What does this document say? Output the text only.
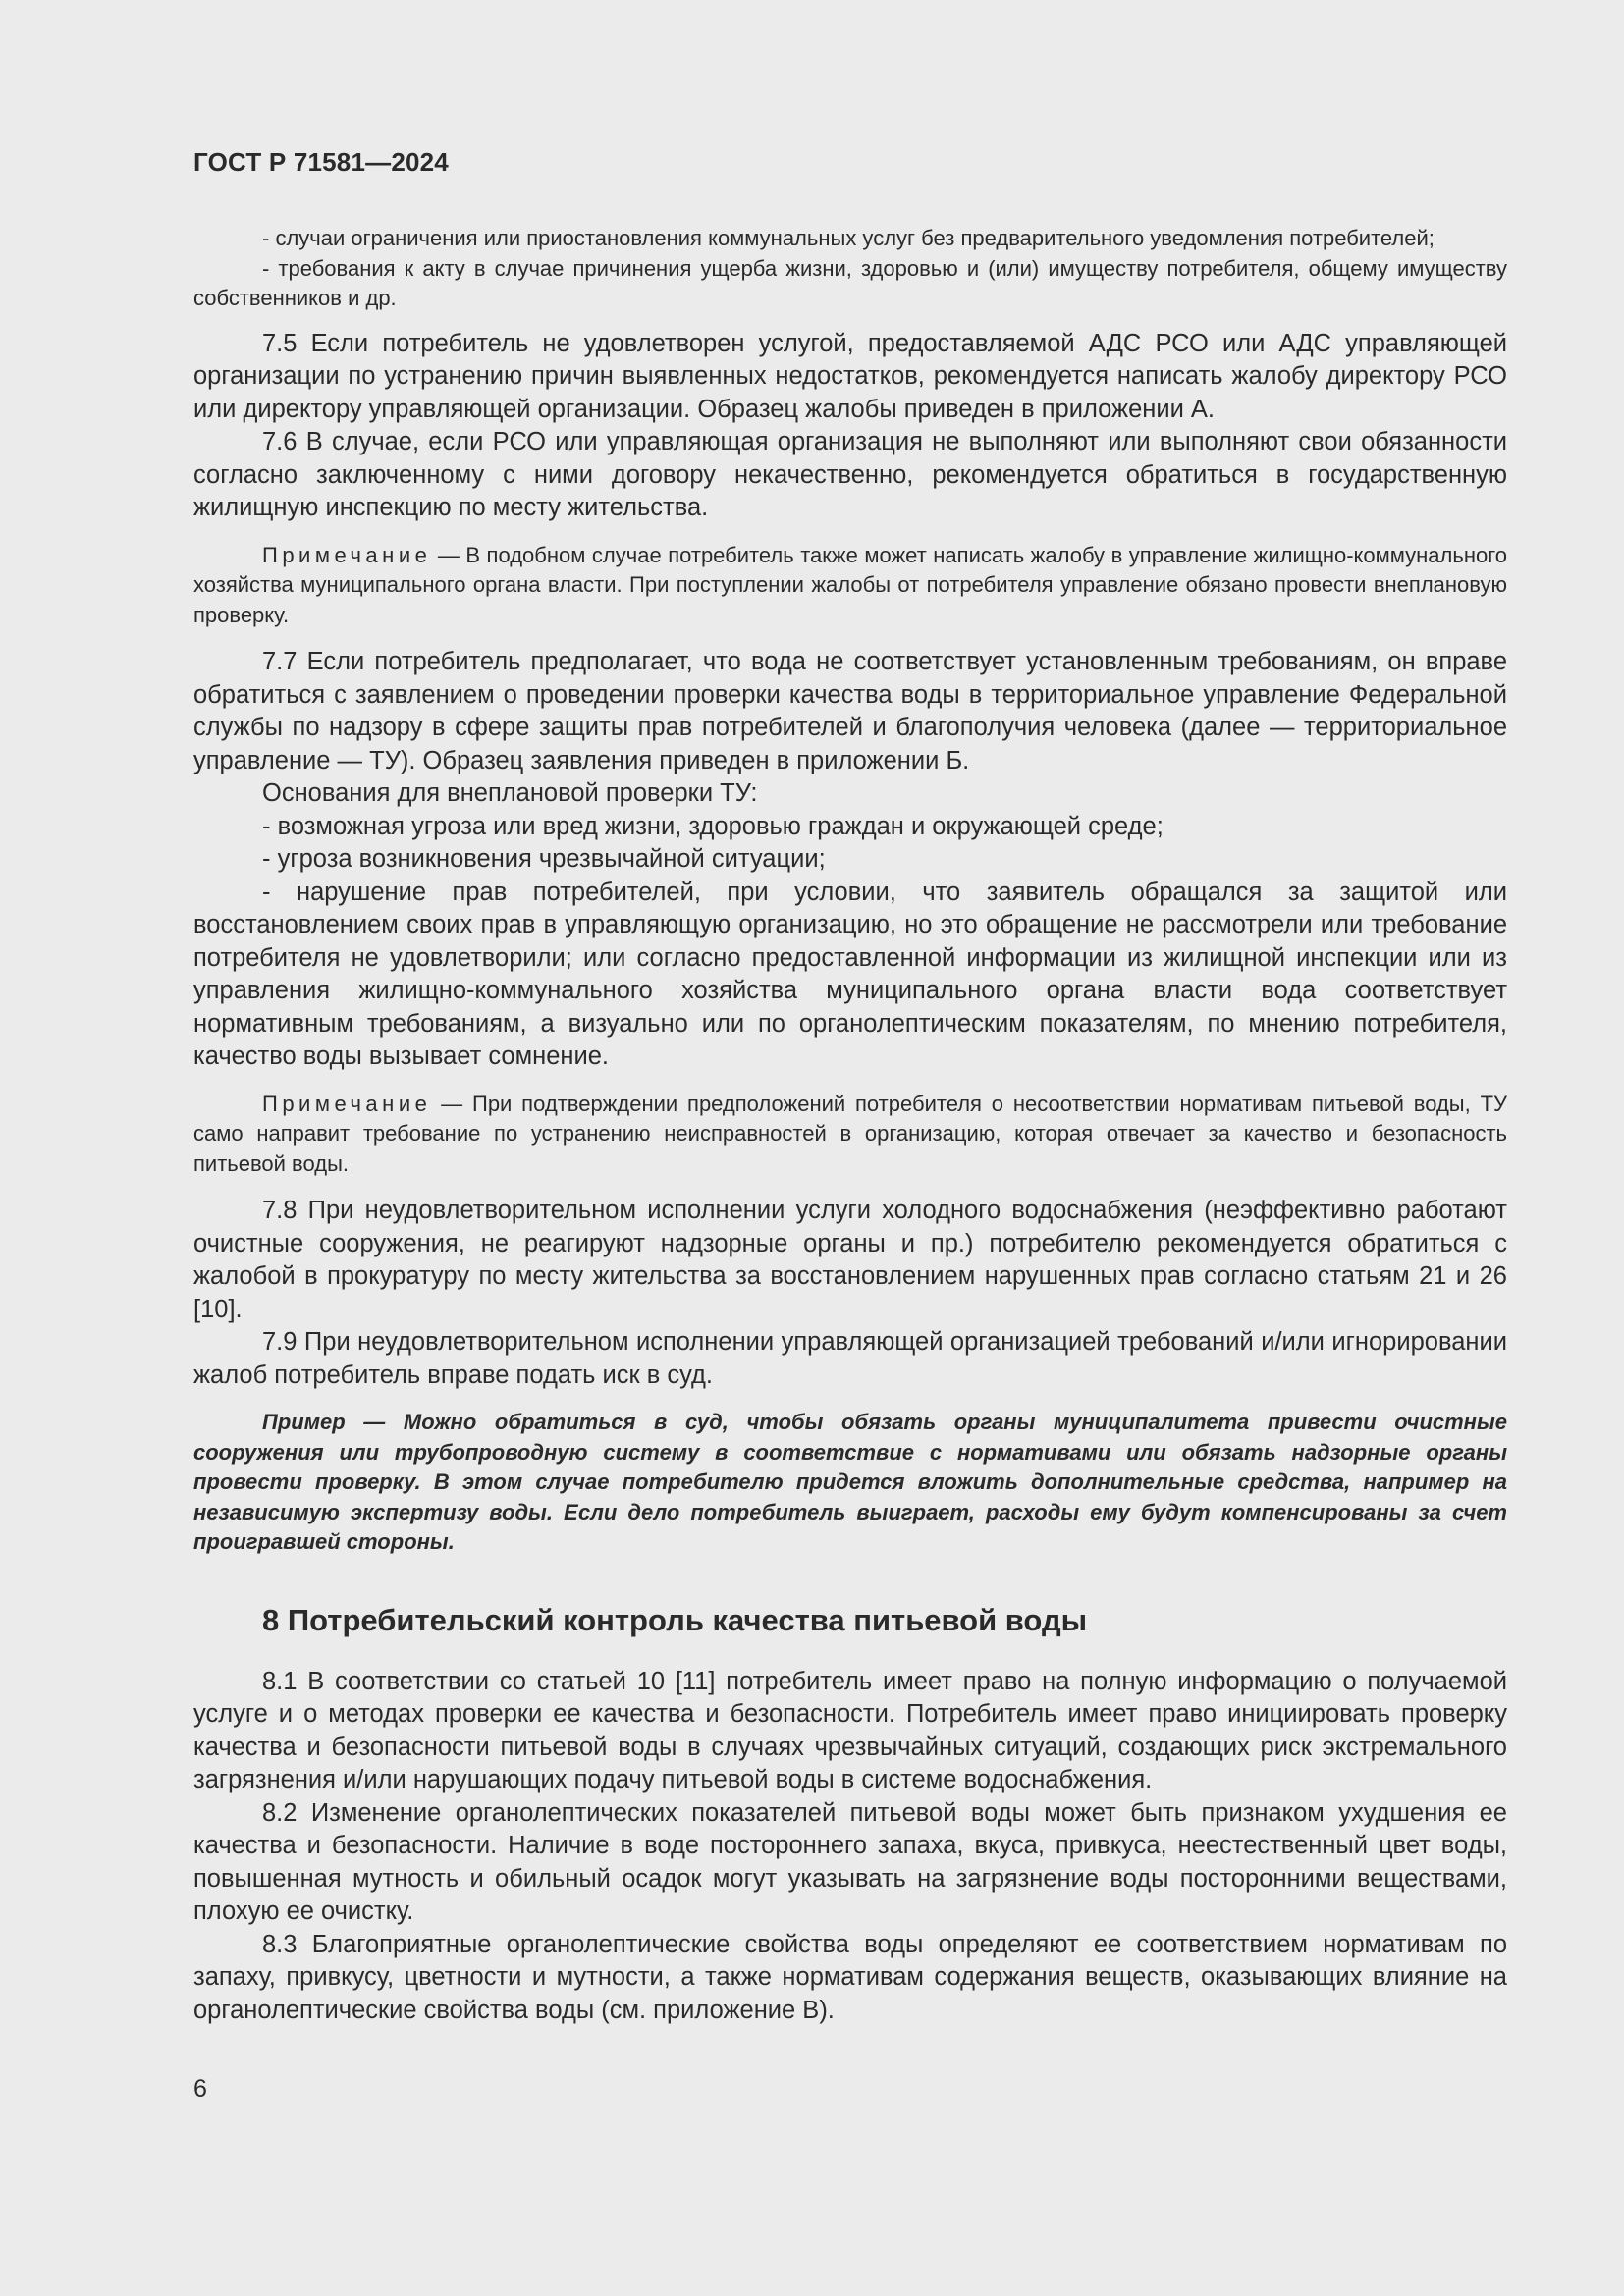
ГОСТ Р 71581—2024

- случаи ограничения или приостановления коммунальных услуг без предварительного уведомления потребителей;

- требования к акту в случае причинения ущерба жизни, здоровью и (или) имуществу потребителя, общему имуществу собственников и др.

7.5 Если потребитель не удовлетворен услугой, предоставляемой АДС РСО или АДС управляющей организации по устранению причин выявленных недостатков, рекомендуется написать жалобу директору РСО или директору управляющей организации. Образец жалобы приведен в приложении А.

7.6 В случае, если РСО или управляющая организация не выполняют или выполняют свои обязанности согласно заключенному с ними договору некачественно, рекомендуется обратиться в государственную жилищную инспекцию по месту жительства.

Примечание — В подобном случае потребитель также может написать жалобу в управление жилищно-коммунального хозяйства муниципального органа власти. При поступлении жалобы от потребителя управление обязано провести внеплановую проверку.

7.7 Если потребитель предполагает, что вода не соответствует установленным требованиям, он вправе обратиться с заявлением о проведении проверки качества воды в территориальное управление Федеральной службы по надзору в сфере защиты прав потребителей и благополучия человека (далее — территориальное управление — ТУ). Образец заявления приведен в приложении Б.

Основания для внеплановой проверки ТУ:

- возможная угроза или вред жизни, здоровью граждан и окружающей среде;

- угроза возникновения чрезвычайной ситуации;

- нарушение прав потребителей, при условии, что заявитель обращался за защитой или восстановлением своих прав в управляющую организацию, но это обращение не рассмотрели или требование потребителя не удовлетворили; или согласно предоставленной информации из жилищной инспекции или из управления жилищно-коммунального хозяйства муниципального органа власти вода соответствует нормативным требованиям, а визуально или по органолептическим показателям, по мнению потребителя, качество воды вызывает сомнение.

Примечание — При подтверждении предположений потребителя о несоответствии нормативам питьевой воды, ТУ само направит требование по устранению неисправностей в организацию, которая отвечает за качество и безопасность питьевой воды.

7.8 При неудовлетворительном исполнении услуги холодного водоснабжения (неэффективно работают очистные сооружения, не реагируют надзорные органы и пр.) потребителю рекомендуется обратиться с жалобой в прокуратуру по месту жительства за восстановлением нарушенных прав согласно статьям 21 и 26 [10].

7.9 При неудовлетворительном исполнении управляющей организацией требований и/или игнорировании жалоб потребитель вправе подать иск в суд.

Пример — Можно обратиться в суд, чтобы обязать органы муниципалитета привести очистные сооружения или трубопроводную систему в соответствие с нормативами или обязать надзорные органы провести проверку. В этом случае потребителю придется вложить дополнительные средства, например на независимую экспертизу воды. Если дело потребитель выиграет, расходы ему будут компенсированы за счет проигравшей стороны.

8 Потребительский контроль качества питьевой воды

8.1 В соответствии со статьей 10 [11] потребитель имеет право на полную информацию о получаемой услуге и о методах проверки ее качества и безопасности. Потребитель имеет право инициировать проверку качества и безопасности питьевой воды в случаях чрезвычайных ситуаций, создающих риск экстремального загрязнения и/или нарушающих подачу питьевой воды в системе водоснабжения.

8.2 Изменение органолептических показателей питьевой воды может быть признаком ухудшения ее качества и безопасности. Наличие в воде постороннего запаха, вкуса, привкуса, неестественный цвет воды, повышенная мутность и обильный осадок могут указывать на загрязнение воды посторонними веществами, плохую ее очистку.

8.3 Благоприятные органолептические свойства воды определяют ее соответствием нормативам по запаху, привкусу, цветности и мутности, а также нормативам содержания веществ, оказывающих влияние на органолептические свойства воды (см. приложение В).

6
